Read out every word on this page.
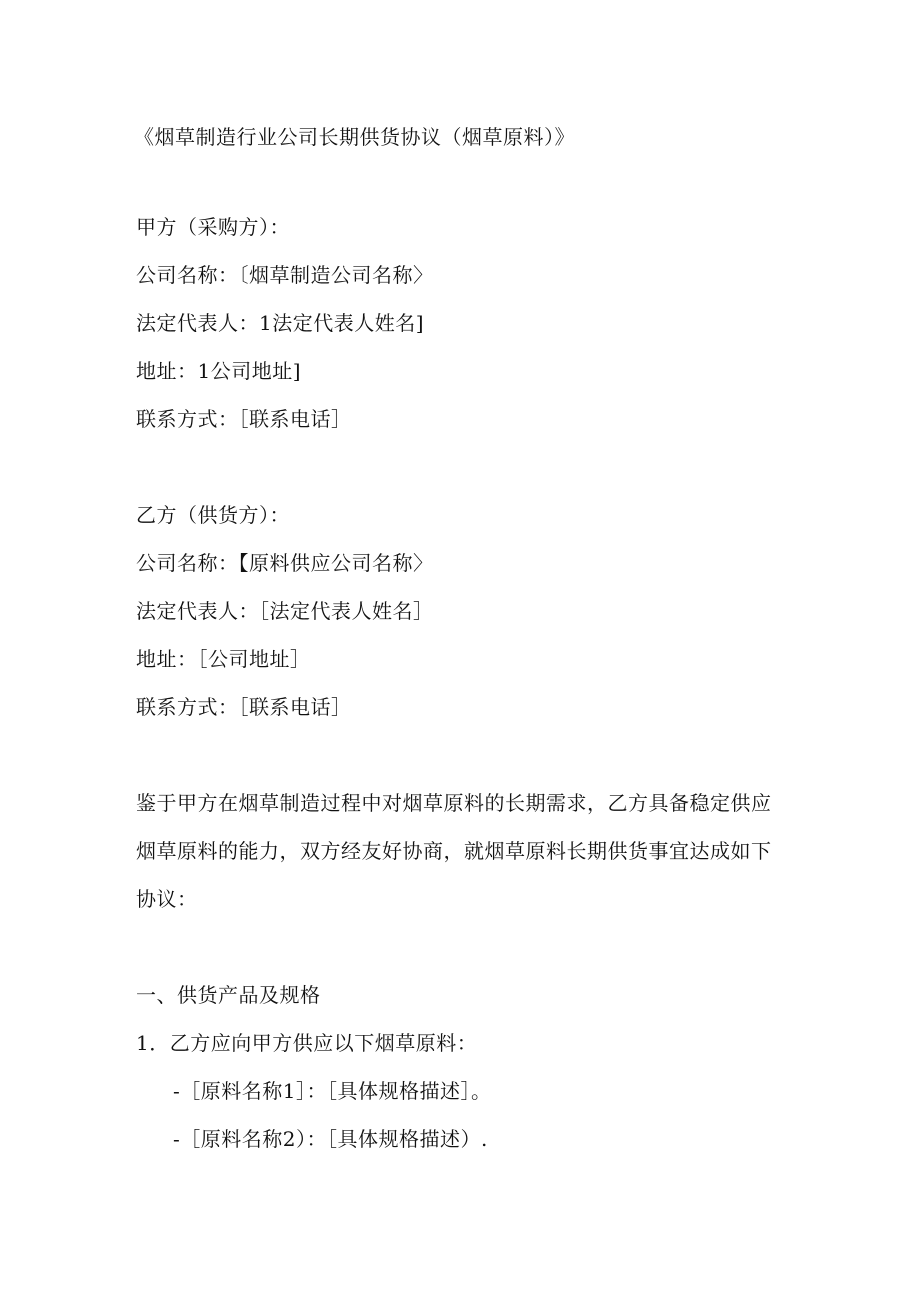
《烟草制造行业公司长期供货协议（烟草原料）》
甲方（采购方）：
公司名称：〔烟草制造公司名称〉
法定代表人：1法定代表人姓名]
地址：1公司地址]
联系方式：［联系电话］
乙方（供货方）：
公司名称：【原料供应公司名称〉
法定代表人：［法定代表人姓名］
地址：［公司地址］
联系方式：［联系电话］
鉴于甲方在烟草制造过程中对烟草原料的长期需求，乙方具备稳定供应
烟草原料的能力，双方经友好协商，就烟草原料长期供货事宜达成如下
协议：
一、供货产品及规格
1．乙方应向甲方供应以下烟草原料：
-［原料名称1］：［具体规格描述］。
-［原料名称2）：［具体规格描述）.
